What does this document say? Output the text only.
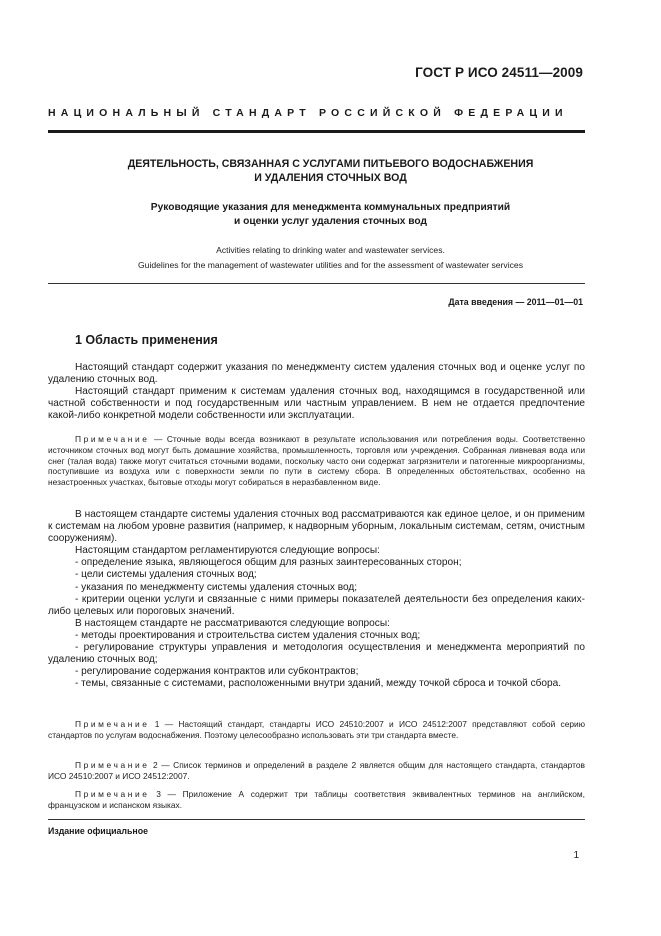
ГОСТ Р ИСО 24511—2009
НАЦИОНАЛЬНЫЙ СТАНДАРТ РОССИЙСКОЙ ФЕДЕРАЦИИ
ДЕЯТЕЛЬНОСТЬ, СВЯЗАННАЯ С УСЛУГАМИ ПИТЬЕВОГО ВОДОСНАБЖЕНИЯ
И УДАЛЕНИЯ СТОЧНЫХ ВОД
Руководящие указания для менеджмента коммунальных предприятий
и оценки услуг удаления сточных вод
Activities relating to drinking water and wastewater services.
Guidelines for the management of wastewater utilities and for the assessment of wastewater services
Дата введения — 2011—01—01
1 Область применения

Настоящий стандарт содержит указания по менеджменту систем удаления сточных вод и оценке услуг по удалению сточных вод.

Настоящий стандарт применим к системам удаления сточных вод, находящимся в государственной или частной собственности и под государственным или частным управлением. В нем не отдается предпочтение какой-либо конкретной модели собственности или эксплуатации.

Примечание — Сточные воды всегда возникают в результате использования или потребления воды. Соответственно источником сточных вод могут быть домашние хозяйства, промышленность, торговля или учреждения. Собранная ливневая вода или снег (талая вода) также могут считаться сточными водами, поскольку часто они содержат загрязнители и патогенные микроорганизмы, поступившие из воздуха или с поверхности земли по пути в систему сбора. В определенных обстоятельствах, особенно на незастроенных участках, бытовые отходы могут собираться в неразбавленном виде.

В настоящем стандарте системы удаления сточных вод рассматриваются как единое целое, и он применим к системам на любом уровне развития (например, к надворным уборным, локальным системам, сетям, очистным сооружениям).

Настоящим стандартом регламентируются следующие вопросы:

- определение языка, являющегося общим для разных заинтересованных сторон;
- цели системы удаления сточных вод;
- указания по менеджменту системы удаления сточных вод;
- критерии оценки услуги и связанные с ними примеры показателей деятельности без определения каких-либо целевых или пороговых значений.

В настоящем стандарте не рассматриваются следующие вопросы:

- методы проектирования и строительства систем удаления сточных вод;
- регулирование структуры управления и методология осуществления и менеджмента мероприятий по удалению сточных вод;
- регулирование содержания контрактов или субконтрактов;
- темы, связанные с системами, расположенными внутри зданий, между точкой сброса и точкой сбора.

Примечание 1 — Настоящий стандарт, стандарты ИСО 24510:2007 и ИСО 24512:2007 представляют собой серию стандартов по услугам водоснабжения. Поэтому целесообразно использовать эти три стандарта вместе.

Примечание 2 — Список терминов и определений в разделе 2 является общим для настоящего стандарта, стандартов ИСО 24510:2007 и ИСО 24512:2007.

Примечание 3 — Приложение А содержит три таблицы соответствия эквивалентных терминов на английском, французском и испанском языках.

Издание официальное
1
